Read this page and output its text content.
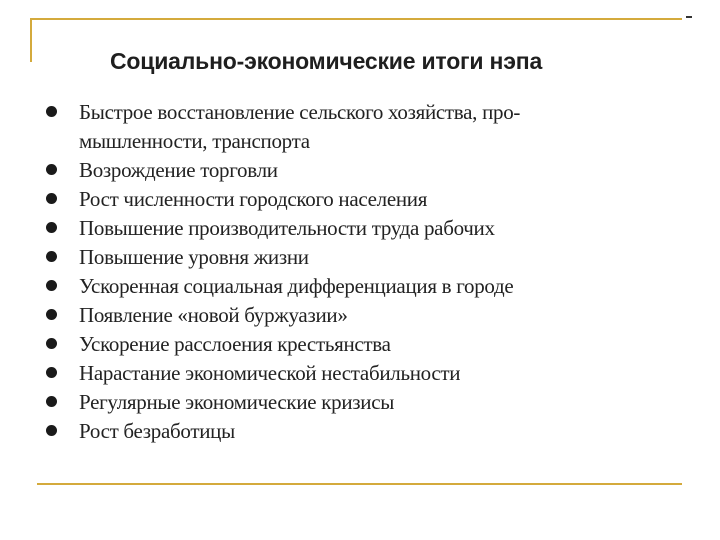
Социально-экономические итоги нэпа
Быстрое восстановление сельского хозяйства, про-
мышленности, транспорта
Возрождение торговли
Рост численности городского населения
Повышение производительности труда рабочих
Повышение уровня жизни
Ускоренная социальная дифференциация в городе
Появление «новой буржуазии»
Ускорение расслоения крестьянства
Нарастание экономической нестабильности
Регулярные экономические кризисы
Рост безработицы
